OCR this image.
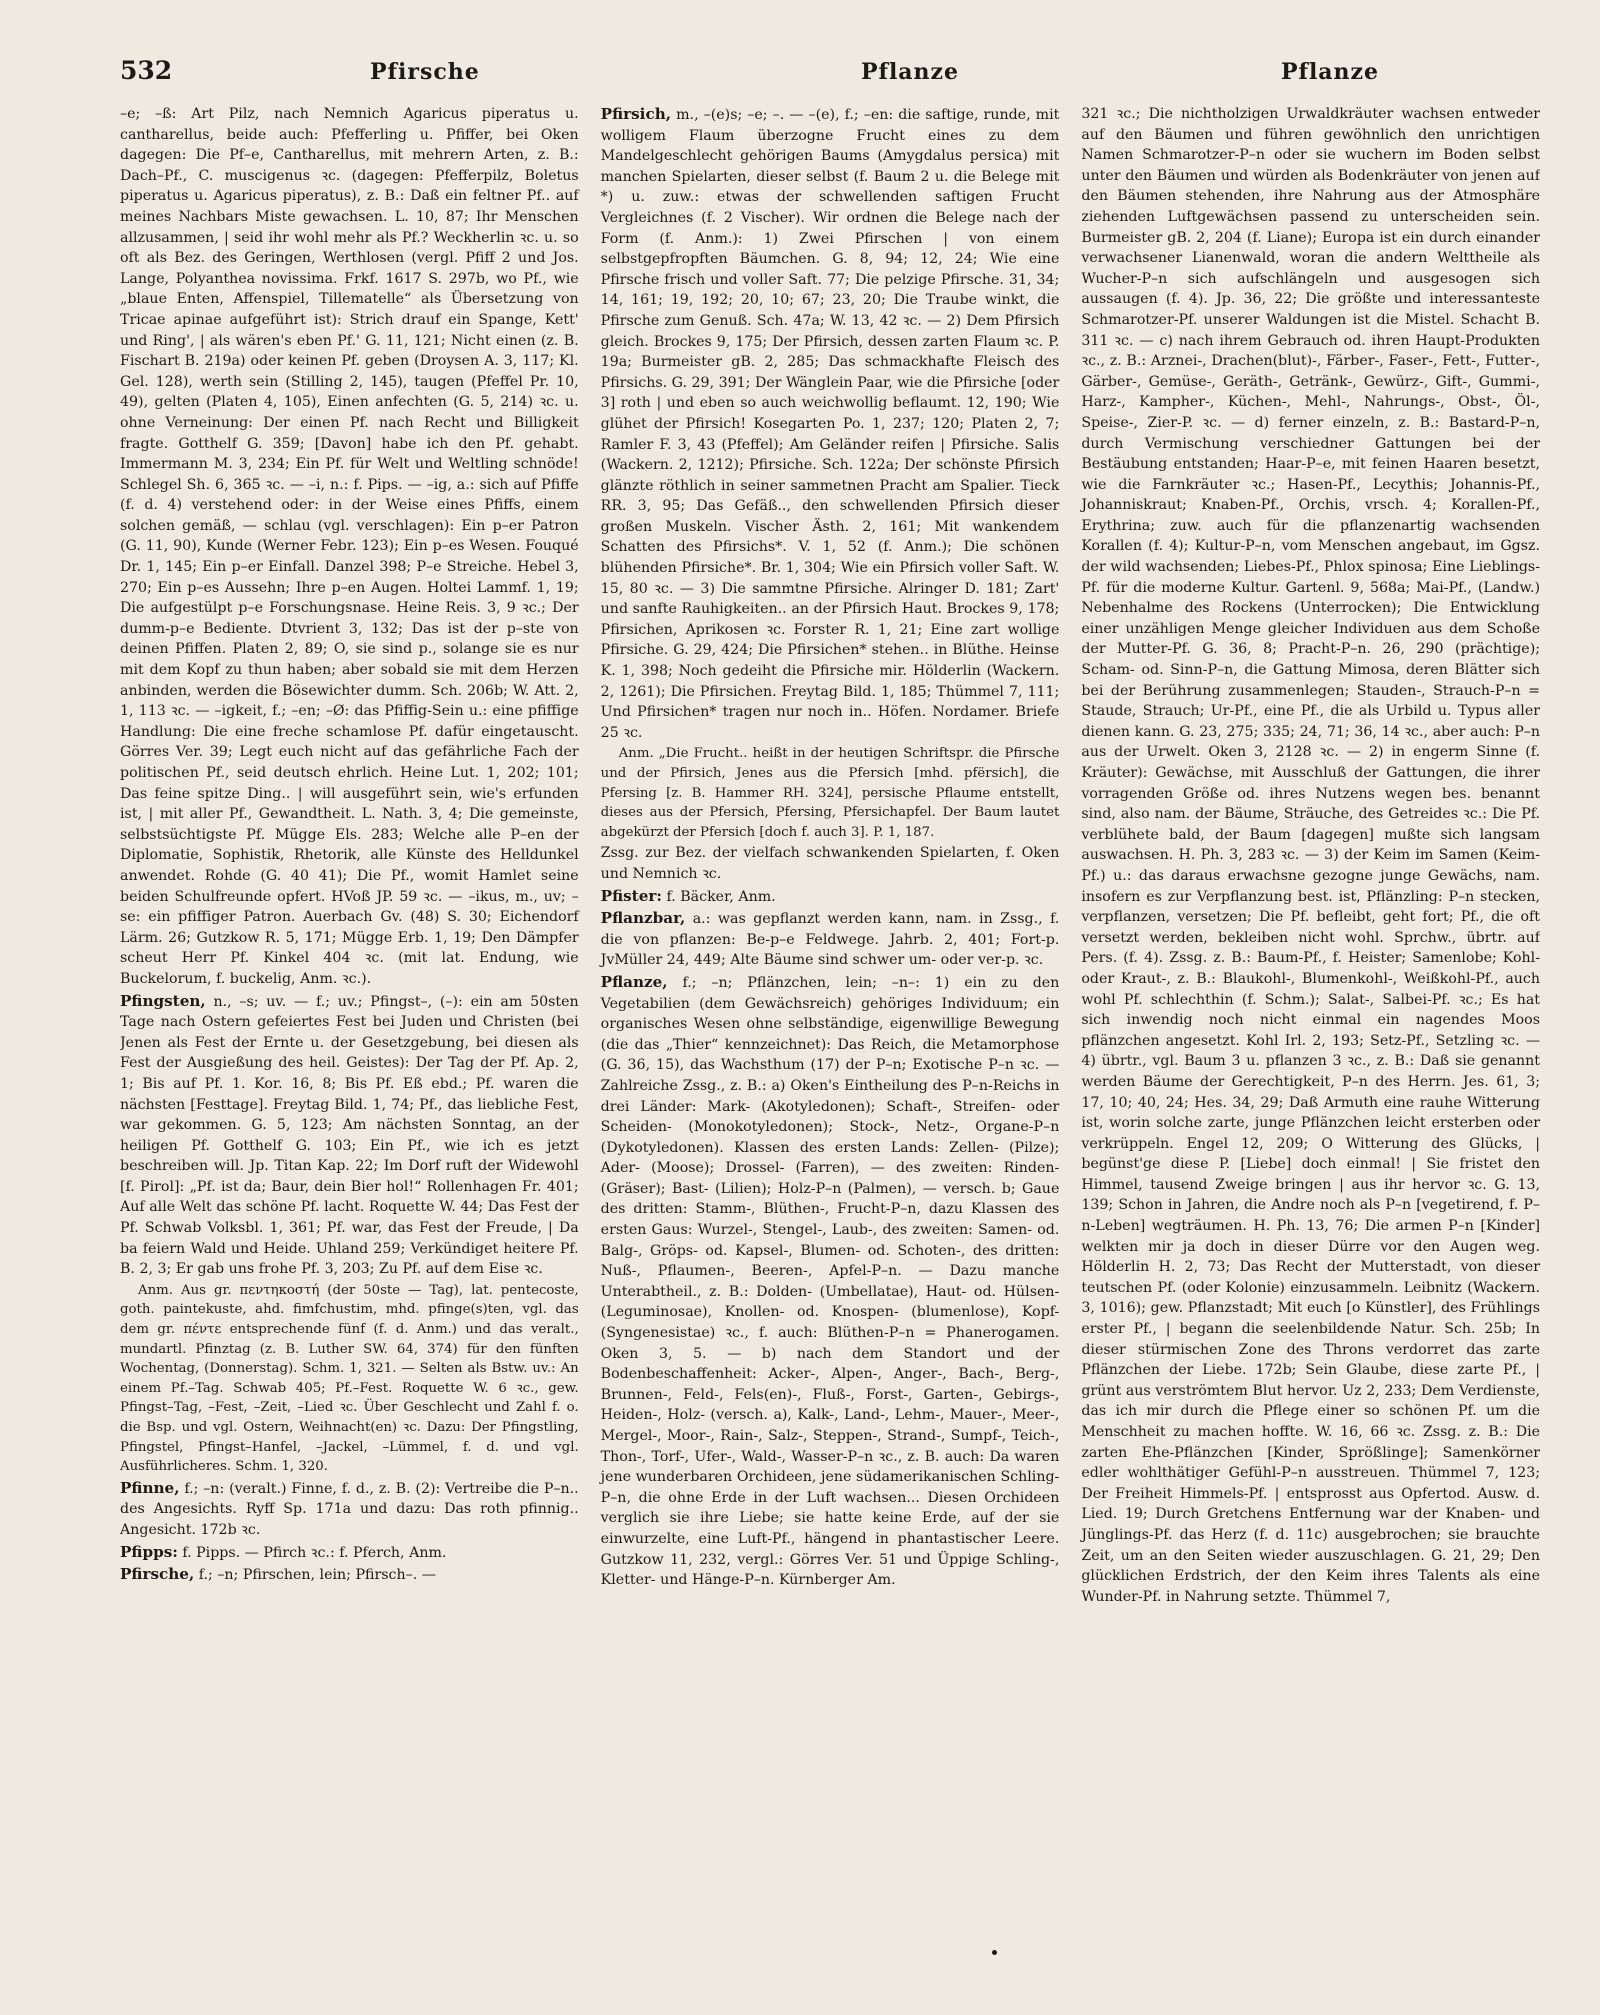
532	Pfirsche	Pflanze	Pflanze

–e; –ß: Art Pilz, nach Nemnich Agaricus piperatus u. cantharellus, beide auch: Pfefferling u. Pfiffer, bei Oken dagegen: Die Pf–e, Cantharellus, mit mehrern Arten, z. B.: Dach–Pf., C. muscigenus ꝛc. (dagegen: Pfefferpilz, Boletus piperatus u. Agaricus piperatus), z. B.: Daß ein feltner Pf.. auf meines Nachbars Miste gewachsen. L. 10, 87; Ihr Menschen allzusammen, | seid ihr wohl mehr als Pf.? Weckherlin ꝛc. u. so oft als Bez. des Geringen, Werthlosen (vergl. Pfiff 2 und Jos. Lange, Polyanthea novissima. Frkf. 1617 S. 297b, wo Pf., wie „blaue Enten, Affenspiel, Tillematelle“ als Übersetzung von Tricae apinae aufgeführt ist): Strich drauf ein Spange, Kett' und Ring', | als wären's eben Pf.' G. 11, 121; Nicht einen (z. B. Fischart B. 219a) oder keinen Pf. geben (Droysen A. 3, 117; Kl. Gel. 128), werth sein (Stilling 2, 145), taugen (Pfeffel Pr. 10, 49), gelten (Platen 4, 105), Einen anfechten (G. 5, 214) ꝛc. u. ohne Verneinung: Der einen Pf. nach Recht und Billigkeit fragte. Gotthelf G. 359; [Davon] habe ich den Pf. gehabt. Immermann M. 3, 234; Ein Pf. für Welt und Weltling schnöde! Schlegel Sh. 6, 365 ꝛc. — –i, n.: f. Pips. — –ig, a.: sich auf Pfiffe (f. d. 4) verstehend oder: in der Weise eines Pfiffs, einem solchen gemäß, — schlau (vgl. verschlagen): Ein p–er Patron (G. 11, 90), Kunde (Werner Febr. 123); Ein p–es Wesen. Fouqué Dr. 1, 145; Ein p–er Einfall. Danzel 398; P–e Streiche. Hebel 3, 270; Ein p–es Aussehn; Ihre p–en Augen. Holtei Lammf. 1, 19; Die aufgestülpt p–e Forschungsnase. Heine Reis. 3, 9 ꝛc.; Der dumm-p–e Bediente. Dtvrient 3, 132; Das ist der p–ste von deinen Pfiffen. Platen 2, 89; O, sie sind p., solange sie es nur mit dem Kopf zu thun haben; aber sobald sie mit dem Herzen anbinden, werden die Bösewichter dumm. Sch. 206b; W. Att. 2, 1, 113 ꝛc. — –igkeit, f.; –en; –Ø: das Pfiffig-Sein u.: eine pfiffige Handlung: Die eine freche schamlose Pf. dafür eingetauscht. Görres Ver. 39; Legt euch nicht auf das gefährliche Fach der politischen Pf., seid deutsch ehrlich. Heine Lut. 1, 202; 101; Das feine spitze Ding.. | will ausgeführt sein, wie's erfunden ist, | mit aller Pf., Gewandtheit. L. Nath. 3, 4; Die gemeinste, selbstsüchtigste Pf. Mügge Els. 283; Welche alle P–en der Diplomatie, Sophistik, Rhetorik, alle Künste des Helldunkel anwendet. Rohde (G. 40 41); Die Pf., womit Hamlet seine beiden Schulfreunde opfert. HVoß JP. 59 ꝛc. — –ikus, m., uv; –se: ein pfiffiger Patron. Auerbach Gv. (48) S. 30; Eichendorf Lärm. 26; Gutzkow R. 5, 171; Mügge Erb. 1, 19; Den Dämpfer scheut Herr Pf. Kinkel 404 ꝛc. (mit lat. Endung, wie Buckelorum, f. buckelig, Anm. ꝛc.).

Pfingsten, n., –s; uv. — f.; uv.; Pfingst–, (–): ein am 50sten Tage nach Ostern gefeiertes Fest bei Juden und Christen (bei Jenen als Fest der Ernte u. der Gesetzgebung, bei diesen als Fest der Ausgießung des heil. Geistes): Der Tag der Pf. Ap. 2, 1; Bis auf Pf. 1. Kor. 16, 8; Bis Pf. Eß ebd.; Pf. waren die nächsten [Festtage]. Freytag Bild. 1, 74; Pf., das liebliche Fest, war gekommen. G. 5, 123; Am nächsten Sonntag, an der heiligen Pf. Gotthelf G. 103; Ein Pf., wie ich es jetzt beschreiben will. Jp. Titan Kap. 22; Im Dorf ruft der Widewohl [f. Pirol]: „Pf. ist da; Baur, dein Bier hol!“ Rollenhagen Fr. 401; Auf alle Welt das schöne Pf. lacht. Roquette W. 44; Das Fest der Pf. Schwab Volksbl. 1, 361; Pf. war, das Fest der Freude, | Da ba feiern Wald und Heide. Uhland 259; Verkündiget heitere Pf. B. 2, 3; Er gab uns frohe Pf. 3, 203; Zu Pf. auf dem Eise ꝛc.

Anm. Aus gr. πεντηκοστή (der 50ste — Tag), lat. pentecoste, goth. paintekuste, ahd. fimfchustim, mhd. pfinge(s)ten, vgl. das dem gr. πέντε entsprechende fünf (f. d. Anm.) und das veralt., mundartl. Pfinztag (z. B. Luther SW. 64, 374) für den fünften Wochentag, (Donnerstag). Schm. 1, 321. — Selten als Bstw. uv.: An einem Pf.–Tag. Schwab 405; Pf.–Fest. Roquette W. 6 ꝛc., gew. Pfingst–Tag, –Fest, –Zeit, –Lied ꝛc. Über Geschlecht und Zahl f. o. die Bsp. und vgl. Ostern, Weihnacht(en) ꝛc. Dazu: Der Pfingstling, Pfingstel, Pfingst–Hanfel, –Jackel, –Lümmel, f. d. und vgl. Ausführlicheres. Schm. 1, 320.

Pfinne, f.; –n: (veralt.) Finne, f. d., z. B. (2): Vertreibe die P–n.. des Angesichts. Ryff Sp. 171a und dazu: Das roth pfinnig.. Angesicht. 172b ꝛc.

Pfipps: f. Pipps. — Pfirch ꝛc.: f. Pferch, Anm.

Pfirsche, f.; –n; Pfirschen, lein; Pfirsch–. —

Pfirsich, m., –(e)s; –e; –. — –(e), f.; –en: die saftige, runde, mit wolligem Flaum überzogne Frucht eines zu dem Mandelgeschlecht gehörigen Baums (Amygdalus persica) mit manchen Spielarten, dieser selbst (f. Baum 2 u. die Belege mit *) u. zuw.: etwas der schwellenden saftigen Frucht Vergleichnes (f. 2 Vischer). Wir ordnen die Belege nach der Form (f. Anm.): 1) Zwei Pfirschen | von einem selbstgepfropften Bäumchen. G. 8, 94; 12, 24; Wie eine Pfirsche frisch und voller Saft. 77; Die pelzige Pfirsche. 31, 34; 14, 161; 19, 192; 20, 10; 67; 23, 20; Die Traube winkt, die Pfirsche zum Genuß. Sch. 47a; W. 13, 42 ꝛc. — 2) Dem Pfirsich gleich. Brockes 9, 175; Der Pfirsich, dessen zarten Flaum ꝛc. P. 19a; Burmeister gB. 2, 285; Das schmackhafte Fleisch des Pfirsichs. G. 29, 391; Der Wänglein Paar, wie die Pfirsiche [oder 3] roth | und eben so auch weichwollig beflaumt. 12, 190; Wie glühet der Pfirsich! Kosegarten Po. 1, 237; 120; Platen 2, 7; Ramler F. 3, 43 (Pfeffel); Am Geländer reifen | Pfirsiche. Salis (Wackern. 2, 1212); Pfirsiche. Sch. 122a; Der schönste Pfirsich glänzte röthlich in seiner sammetnen Pracht am Spalier. Tieck RR. 3, 95; Das Gefäß.., den schwellenden Pfirsich dieser großen Muskeln. Vischer Ästh. 2, 161; Mit wankendem Schatten des Pfirsichs*. V. 1, 52 (f. Anm.); Die schönen blühenden Pfirsiche*. Br. 1, 304; Wie ein Pfirsich voller Saft. W. 15, 80 ꝛc. — 3) Die sammtne Pfirsiche. Alringer D. 181; Zart' und sanfte Rauhigkeiten.. an der Pfirsich Haut. Brockes 9, 178; Pfirsichen, Aprikosen ꝛc. Forster R. 1, 21; Eine zart wollige Pfirsiche. G. 29, 424; Die Pfirsichen* stehen.. in Blüthe. Heinse K. 1, 398; Noch gedeiht die Pfirsiche mir. Hölderlin (Wackern. 2, 1261); Die Pfirsichen. Freytag Bild. 1, 185; Thümmel 7, 111; Und Pfirsichen* tragen nur noch in.. Höfen. Nordamer. Briefe 25 ꝛc.

Anm. „Die Frucht.. heißt in der heutigen Schriftspr. die Pfirsche und der Pfirsich, Jenes aus die Pfersich [mhd. pfërsich], die Pfersing [z. B. Hammer RH. 324], persische Pflaume entstellt, dieses aus der Pfersich, Pfersing, Pfersichapfel. Der Baum lautet abgekürzt der Pfersich [doch f. auch 3]. P. 1, 187.

Zssg. zur Bez. der vielfach schwankenden Spielarten, f. Oken und Nemnich ꝛc.

Pfister: f. Bäcker, Anm.

Pflanzbar, a.: was gepflanzt werden kann, nam. in Zssg., f. die von pflanzen: Be-p–e Feldwege. Jahrb. 2, 401; Fort-p. JvMüller 24, 449; Alte Bäume sind schwer um- oder ver-p. ꝛc.

Pflanze, f.; –n; Pflänzchen, lein; –n–: 1) ein zu den Vegetabilien (dem Gewächsreich) gehöriges Individuum; ein organisches Wesen ohne selbständige, eigenwillige Bewegung (die das „Thier“ kennzeichnet): Das Reich, die Metamorphose (G. 36, 15), das Wachsthum (17) der P–n; Exotische P–n ꝛc. — Zahlreiche Zssg., z. B.: a) Oken's Eintheilung des P–n-Reichs in drei Länder: Mark- (Akotyledonen); Schaft-, Streifen- oder Scheiden- (Monokotyledonen); Stock-, Netz-, Organe-P–n (Dykotyledonen). Klassen des ersten Lands: Zellen- (Pilze); Ader- (Moose); Drossel- (Farren), — des zweiten: Rinden- (Gräser); Bast- (Lilien); Holz-P–n (Palmen), — versch. b; Gaue des dritten: Stamm-, Blüthen-, Frucht-P–n, dazu Klassen des ersten Gaus: Wurzel-, Stengel-, Laub-, des zweiten: Samen- od. Balg-, Gröps- od. Kapsel-, Blumen- od. Schoten-, des dritten: Nuß-, Pflaumen-, Beeren-, Apfel-P–n. — Dazu manche Unterabtheil., z. B.: Dolden- (Umbellatae), Haut- od. Hülsen- (Leguminosae), Knollen- od. Knospen- (blumenlose), Kopf- (Syngenesistae) ꝛc., f. auch: Blüthen-P–n = Phanerogamen. Oken 3, 5. — b) nach dem Standort und der Bodenbeschaffenheit: Acker-, Alpen-, Anger-, Bach-, Berg-, Brunnen-, Feld-, Fels(en)-, Fluß-, Forst-, Garten-, Gebirgs-, Heiden-, Holz- (versch. a), Kalk-, Land-, Lehm-, Mauer-, Meer-, Mergel-, Moor-, Rain-, Salz-, Steppen-, Strand-, Sumpf-, Teich-, Thon-, Torf-, Ufer-, Wald-, Wasser-P–n ꝛc., z. B. auch: Da waren jene wunderbaren Orchideen, jene südamerikanischen Schling-P–n, die ohne Erde in der Luft wachsen... Diesen Orchideen verglich sie ihre Liebe; sie hatte keine Erde, auf der sie einwurzelte, eine Luft-Pf., hängend in phantastischer Leere. Gutzkow 11, 232, vergl.: Görres Ver. 51 und Üppige Schling-, Kletter- und Hänge-P–n. Kürnberger Am.

321 ꝛc.; Die nichtholzigen Urwaldkräuter wachsen entweder auf den Bäumen und führen gewöhnlich den unrichtigen Namen Schmarotzer-P–n oder sie wuchern im Boden selbst unter den Bäumen und würden als Bodenkräuter von jenen auf den Bäumen stehenden, ihre Nahrung aus der Atmosphäre ziehenden Luftgewächsen passend zu unterscheiden sein. Burmeister gB. 2, 204 (f. Liane); Europa ist ein durch einander verwachsener Lianenwald, woran die andern Welttheile als Wucher-P–n sich aufschlängeln und ausgesogen sich aussaugen (f. 4). Jp. 36, 22; Die größte und interessanteste Schmarotzer-Pf. unserer Waldungen ist die Mistel. Schacht B. 311 ꝛc. — c) nach ihrem Gebrauch od. ihren Haupt-Produkten ꝛc., z. B.: Arznei-, Drachen(blut)-, Färber-, Faser-, Fett-, Futter-, Gärber-, Gemüse-, Geräth-, Getränk-, Gewürz-, Gift-, Gummi-, Harz-, Kampher-, Küchen-, Mehl-, Nahrungs-, Obst-, Öl-, Speise-, Zier-P. ꝛc. — d) ferner einzeln, z. B.: Bastard-P–n, durch Vermischung verschiedner Gattungen bei der Bestäubung entstanden; Haar-P–e, mit feinen Haaren besetzt, wie die Farnkräuter ꝛc.; Hasen-Pf., Lecythis; Johannis-Pf., Johanniskraut; Knaben-Pf., Orchis, vrsch. 4; Korallen-Pf., Erythrina; zuw. auch für die pflanzenartig wachsenden Korallen (f. 4); Kultur-P–n, vom Menschen angebaut, im Ggsz. der wild wachsenden; Liebes-Pf., Phlox spinosa; Eine Lieblings-Pf. für die moderne Kultur. Gartenl. 9, 568a; Mai-Pf., (Landw.) Nebenhalme des Rockens (Unterrocken); Die Entwicklung einer unzähligen Menge gleicher Individuen aus dem Schoße der Mutter-Pf. G. 36, 8; Pracht-P–n. 26, 290 (prächtige); Scham- od. Sinn-P–n, die Gattung Mimosa, deren Blätter sich bei der Berührung zusammenlegen; Stauden-, Strauch-P–n = Staude, Strauch; Ur-Pf., eine Pf., die als Urbild u. Typus aller dienen kann. G. 23, 275; 335; 24, 71; 36, 14 ꝛc., aber auch: P–n aus der Urwelt. Oken 3, 2128 ꝛc. — 2) in engerm Sinne (f. Kräuter): Gewächse, mit Ausschluß der Gattungen, die ihrer vorragenden Größe od. ihres Nutzens wegen bes. benannt sind, also nam. der Bäume, Sträuche, des Getreides ꝛc.: Die Pf. verblühete bald, der Baum [dagegen] mußte sich langsam auswachsen. H. Ph. 3, 283 ꝛc. — 3) der Keim im Samen (Keim-Pf.) u.: das daraus erwachsne gezogne junge Gewächs, nam. insofern es zur Verpflanzung best. ist, Pflänzling: P–n stecken, verpflanzen, versetzen; Die Pf. befleibt, geht fort; Pf., die oft versetzt werden, bekleiben nicht wohl. Sprchw., übrtr. auf Pers. (f. 4). Zssg. z. B.: Baum-Pf., f. Heister; Samenlobe; Kohl- oder Kraut-, z. B.: Blaukohl-, Blumenkohl-, Weißkohl-Pf., auch wohl Pf. schlechthin (f. Schm.); Salat-, Salbei-Pf. ꝛc.; Es hat sich inwendig noch nicht einmal ein nagendes Moos pflänzchen angesetzt. Kohl Irl. 2, 193; Setz-Pf., Setzling ꝛc. — 4) übrtr., vgl. Baum 3 u. pflanzen 3 ꝛc., z. B.: Daß sie genannt werden Bäume der Gerechtigkeit, P–n des Herrn. Jes. 61, 3; 17, 10; 40, 24; Hes. 34, 29; Daß Armuth eine rauhe Witterung ist, worin solche zarte, junge Pflänzchen leicht ersterben oder verkrüppeln. Engel 12, 209; O Witterung des Glücks, | begünst'ge diese P. [Liebe] doch einmal! | Sie fristet den Himmel, tausend Zweige bringen | aus ihr hervor ꝛc. G. 13, 139; Schon in Jahren, die Andre noch als P–n [vegetirend, f. P–n-Leben] wegträumen. H. Ph. 13, 76; Die armen P–n [Kinder] welkten mir ja doch in dieser Dürre vor den Augen weg. Hölderlin H. 2, 73; Das Recht der Mutterstadt, von dieser teutschen Pf. (oder Kolonie) einzusammeln. Leibnitz (Wackern. 3, 1016); gew. Pflanzstadt; Mit euch [o Künstler], des Frühlings erster Pf., | begann die seelenbildende Natur. Sch. 25b; In dieser stürmischen Zone des Throns verdorret das zarte Pflänzchen der Liebe. 172b; Sein Glaube, diese zarte Pf., | grünt aus verströmtem Blut hervor. Uz 2, 233; Dem Verdienste, das ich mir durch die Pflege einer so schönen Pf. um die Menschheit zu machen hoffte. W. 16, 66 ꝛc. Zssg. z. B.: Die zarten Ehe-Pflänzchen [Kinder, Sprößlinge]; Samenkörner edler wohlthätiger Gefühl-P–n ausstreuen. Thümmel 7, 123; Der Freiheit Himmels-Pf. | entsprosst aus Opfertod. Ausw. d. Lied. 19; Durch Gretchens Entfernung war der Knaben- und Jünglings-Pf. das Herz (f. d. 11c) ausgebrochen; sie brauchte Zeit, um an den Seiten wieder auszuschlagen. G. 21, 29; Den glücklichen Erdstrich, der den Keim ihres Talents als eine Wunder-Pf. in Nahrung setzte. Thümmel 7,
